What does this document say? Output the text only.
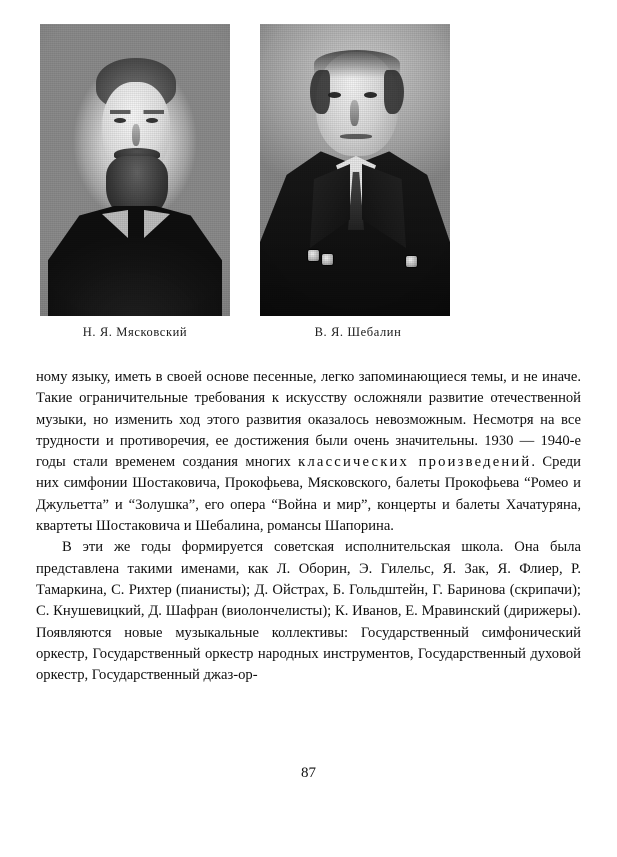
Н. Я. Мясковский	В. Я. Шебалин

ному языку, иметь в своей основе песенные, легко запоминающиеся темы, и не иначе. Такие ограничительные требования к искусству осложняли развитие отечественной музыки, но изменить ход этого развития оказалось невозможным. Несмотря на все трудности и противоречия, ее достижения были очень значительны. 1930 — 1940-е годы стали временем создания многих классических произведений. Среди них симфонии Шостаковича, Прокофьева, Мясковского, балеты Прокофьева “Ромео и Джульетта” и “Золушка”, его опера “Война и мир”, концерты и балеты Хачатуряна, квартеты Шостаковича и Шебалина, романсы Шапорина.

В эти же годы формируется советская исполнительская школа. Она была представлена такими именами, как Л. Оборин, Э. Гилельс, Я. Зак, Я. Флиер, Р. Тамаркина, С. Рихтер (пианисты); Д. Ойстрах, Б. Гольдштейн, Г. Баринова (скрипачи); С. Кнушевицкий, Д. Шафран (виолончелисты); К. Иванов, Е. Мравинский (дирижеры). Появляются новые музыкальные коллективы: Государственный симфонический оркестр, Государственный оркестр народных инструментов, Государственный духовой оркестр, Государственный джаз-ор-

87
